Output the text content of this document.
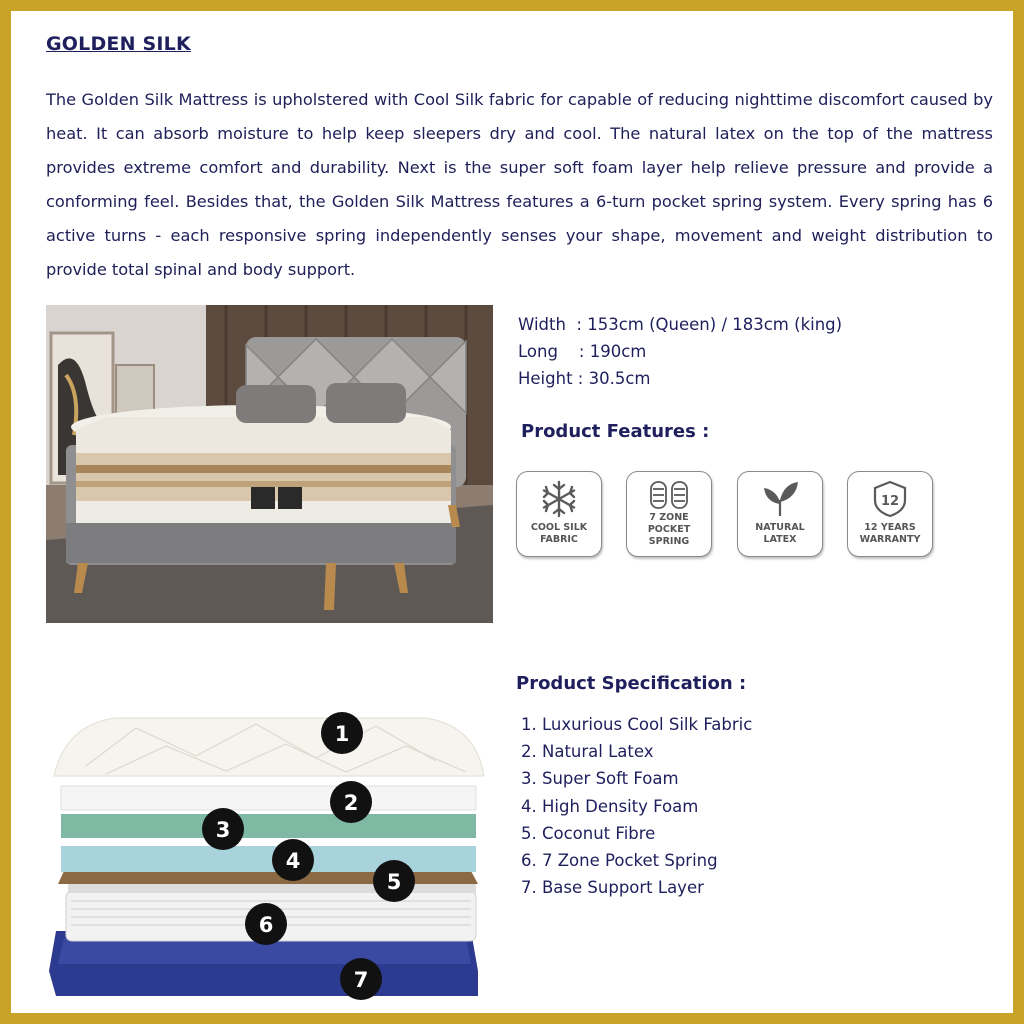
GOLDEN SILK

The Golden Silk Mattress is upholstered with Cool Silk fabric for capable of reducing nighttime discomfort caused by heat. It can absorb moisture to help keep sleepers dry and cool. The natural latex on the top of the mattress provides extreme comfort and durability. Next is the super soft foam layer help relieve pressure and provide a conforming feel. Besides that, the Golden Silk Mattress features a 6-turn pocket spring system. Every spring has 6 active turns - each responsive spring independently senses your shape, movement and weight distribution to provide total spinal and body support.

Width  : 153cm (Queen) / 183cm (king)
Long    : 190cm
Height : 30.5cm
Product Features :
COOL SILK
FABRIC
7 ZONE
POCKET
SPRING
NATURAL
LATEX
12
12 YEARS
WARRANTY
1
2
3
4
5
6
7
Product Specification :
1. Luxurious Cool Silk Fabric
2. Natural Latex
3. Super Soft Foam
4. High Density Foam
5. Coconut Fibre
6. 7 Zone Pocket Spring
7. Base Support Layer
